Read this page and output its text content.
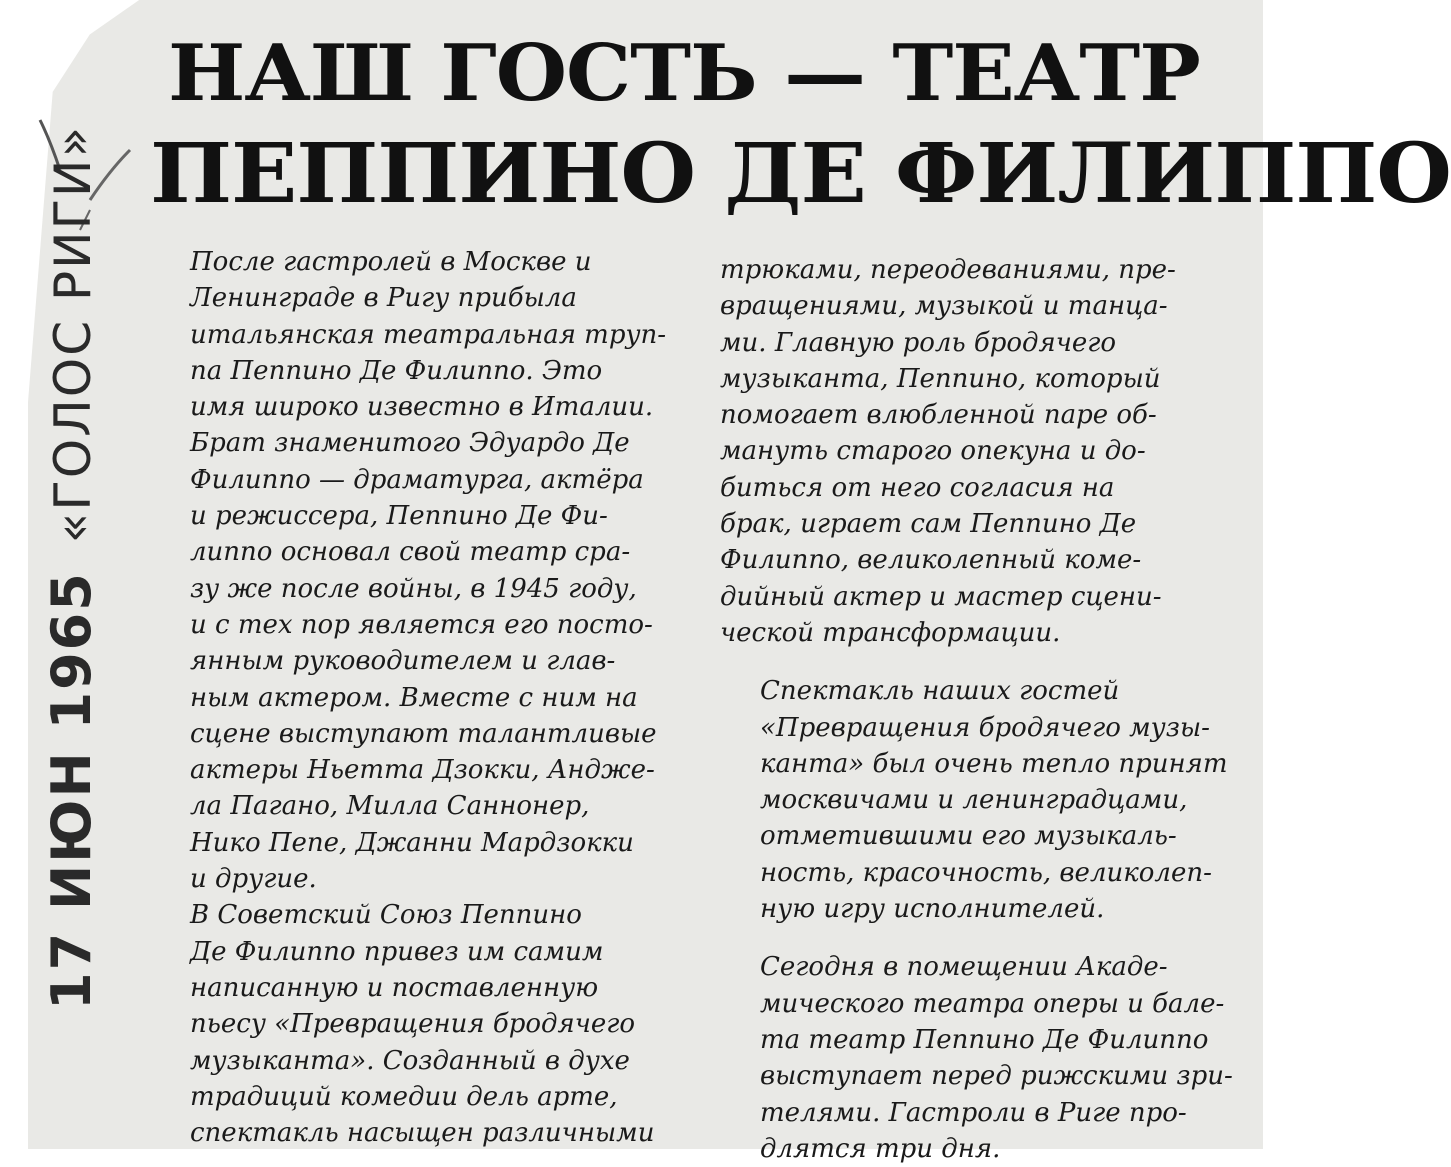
НАШ ГОСТЬ — ТЕАТР
ПЕППИНО ДЕ ФИЛИППО
17 ИЮН 1965«ГОЛОС РИГИ»	После гастролей в Москве и
Ленинграде в Ригу прибыла
итальянская театральная труп-
па Пеппино Де Филиппо. Это
имя широко известно в Италии.
Брат знаменитого Эдуардо Де
Филиппо — драматурга, актёра
и режиссера, Пеппино Де Фи-
липпо основал свой театр сра-
зу же после войны, в 1945 году,
и с тех пор является его посто-
янным руководителем и глав-
ным актером. Вместе с ним на
сцене выступают талантливые
актеры Ньетта Дзокки, Андже-
ла Пагано, Милла Саннонер,
Нико Пепе, Джанни Мардзокки
и другие.

В Советский Союз Пеппино
Де Филиппо привез им самим
написанную и поставленную
пьесу «Превращения бродячего
музыканта». Созданный в духе
традиций комедии дель арте,
спектакль насыщен различными

трюками, переодеваниями, пре-
вращениями, музыкой и танца-
ми. Главную роль бродячего
музыканта, Пеппино, который
помогает влюбленной паре об-
мануть старого опекуна и до-
биться от него согласия на
брак, играет сам Пеппино Де
Филиппо, великолепный коме-
дийный актер и мастер сцени-
ческой трансформации.

Спектакль наших гостей
«Превращения бродячего музы-
канта» был очень тепло принят
москвичами и ленинградцами,
отметившими его музыкаль-
ность, красочность, великолеп-
ную игру исполнителей.

Сегодня в помещении Акаде-
мического театра оперы и бале-
та театр Пеппино Де Филиппо
выступает перед рижскими зри-
телями. Гастроли в Риге про-
длятся три дня.
